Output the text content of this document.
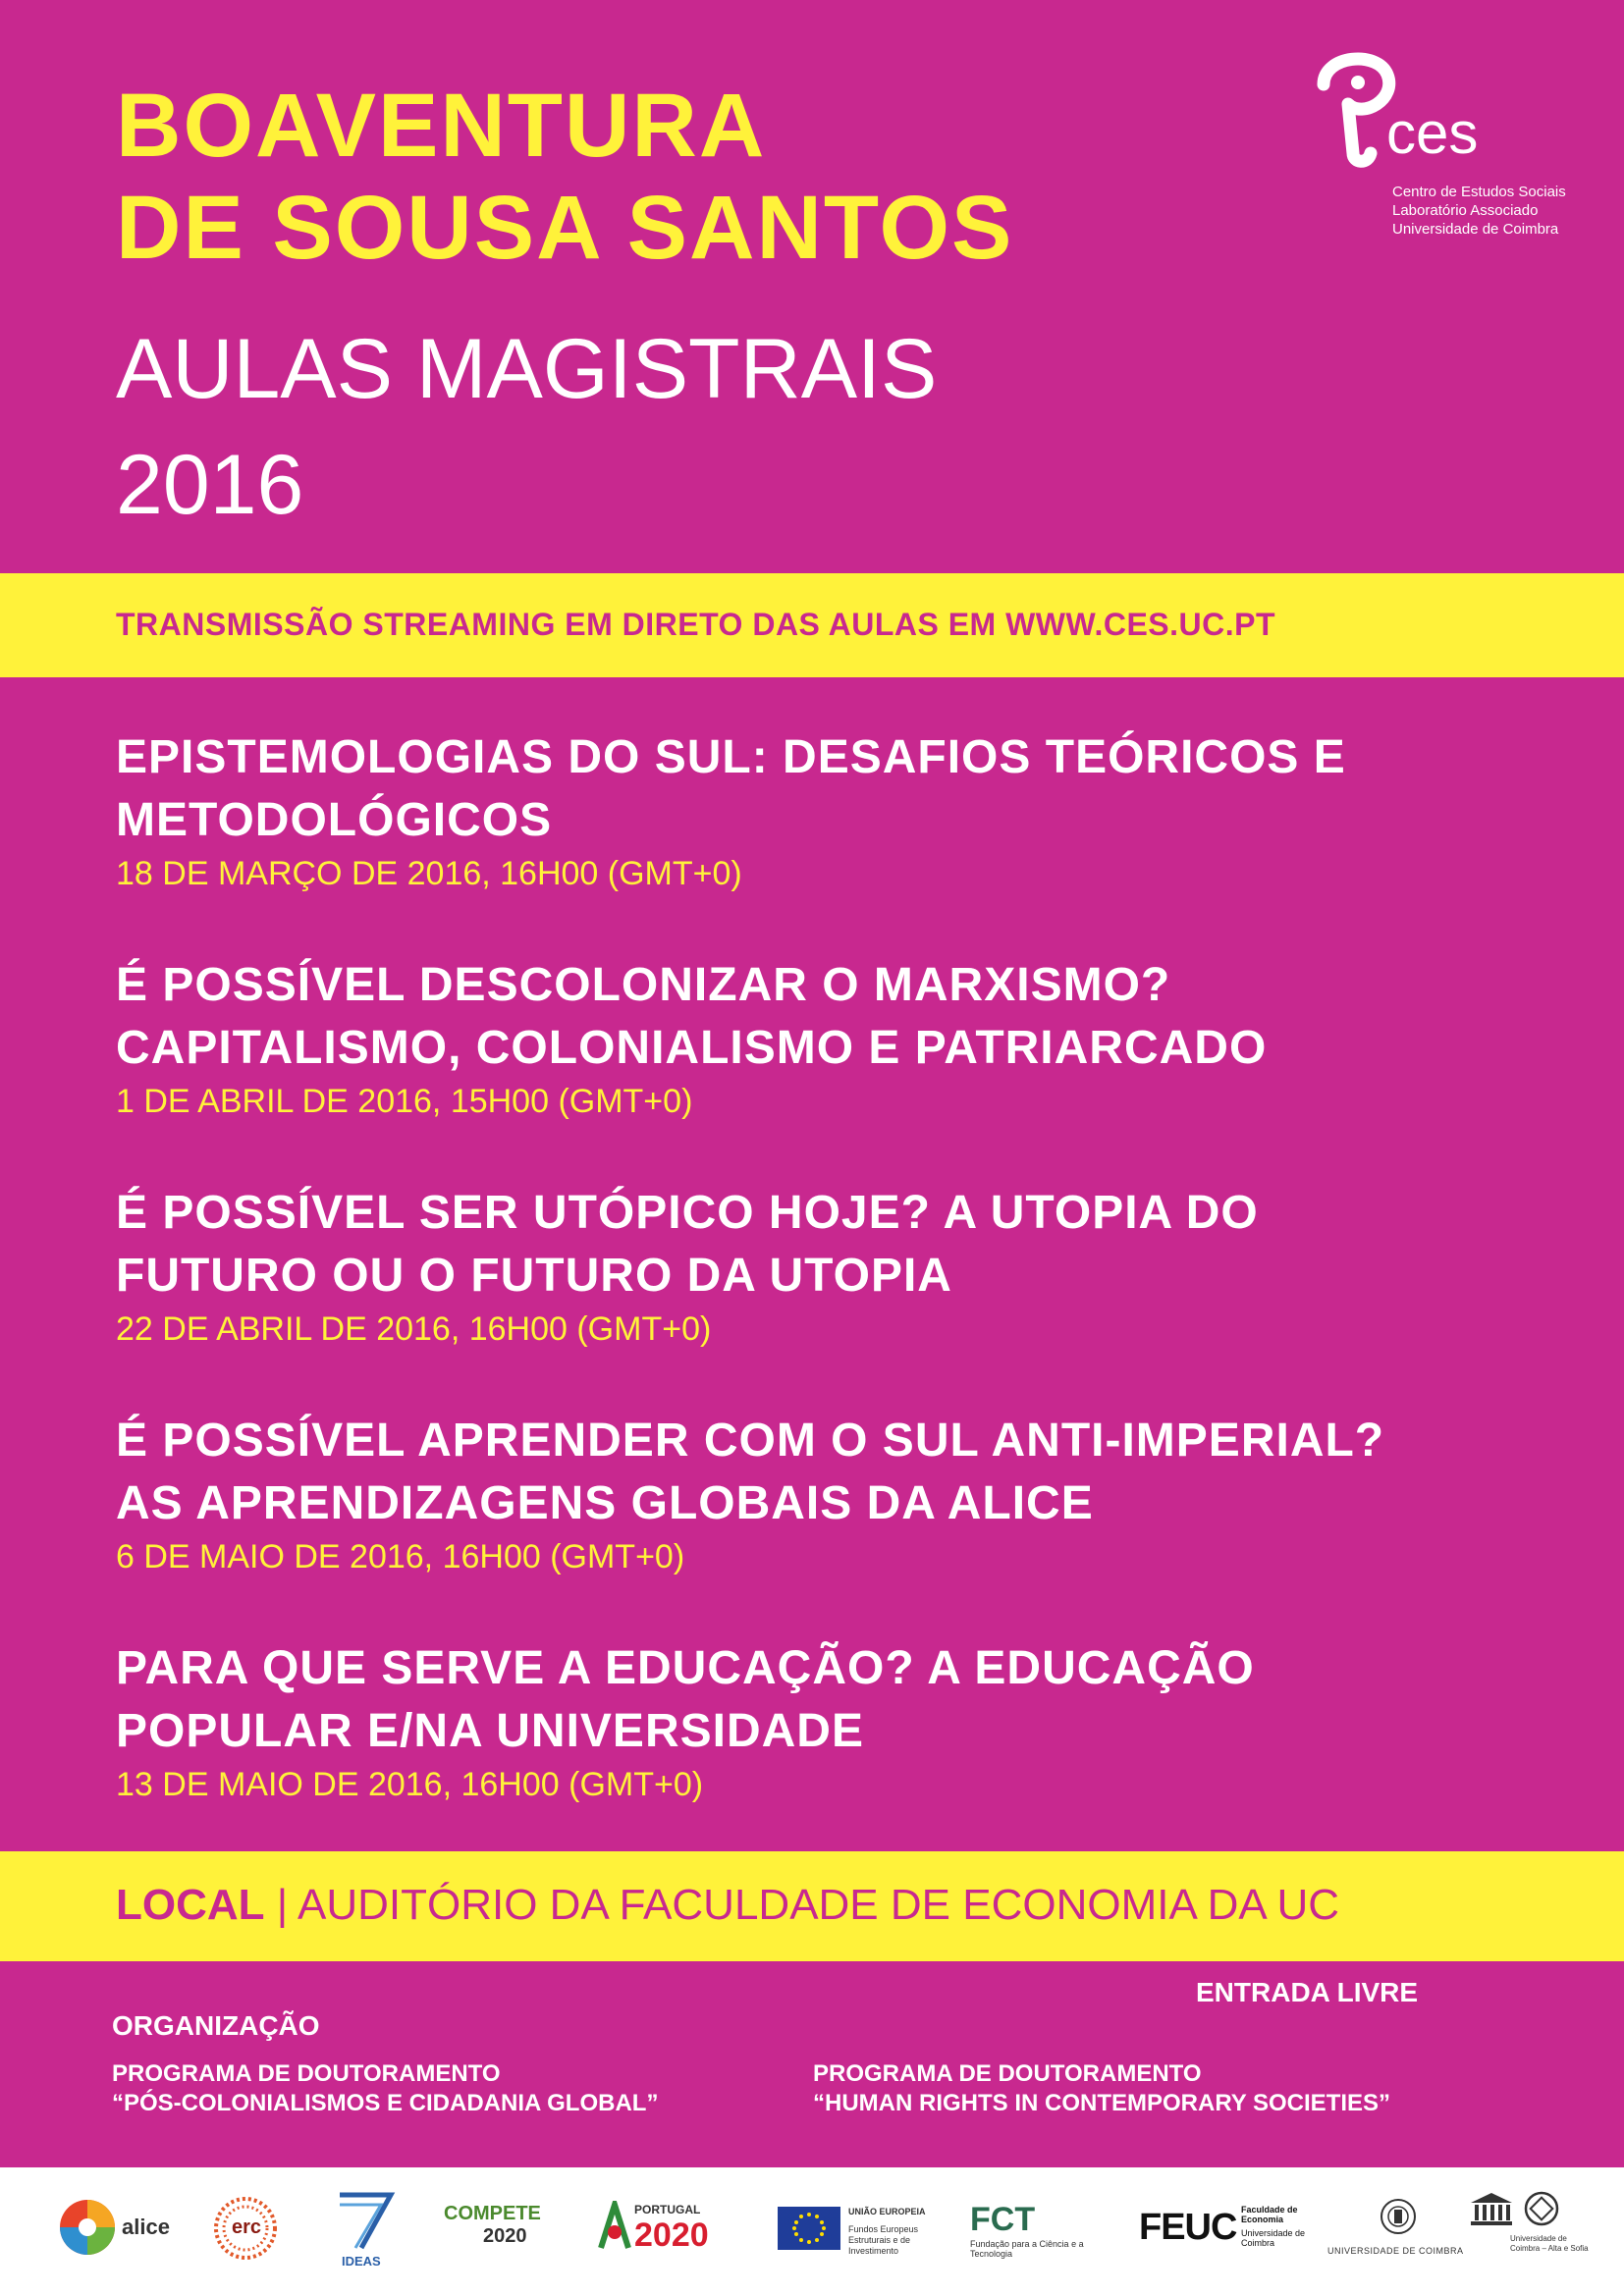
BOAVENTURA
DE SOUSA SANTOS
AULAS MAGISTRAIS
2016
ces
Centro de Estudos Sociais
Laboratório Associado
Universidade de Coimbra
TRANSMISSÃO STREAMING EM DIRETO DAS AULAS EM WWW.CES.UC.PT

EPISTEMOLOGIAS DO SUL: DESAFIOS TEÓRICOS E

METODOLÓGICOS

18 DE MARÇO DE 2016, 16H00 (GMT+0)

É POSSÍVEL DESCOLONIZAR O MARXISMO?

CAPITALISMO, COLONIALISMO E PATRIARCADO

1 DE ABRIL DE 2016, 15H00 (GMT+0)

É POSSÍVEL SER UTÓPICO HOJE? A UTOPIA DO

FUTURO OU O FUTURO DA UTOPIA

22 DE ABRIL DE 2016, 16H00 (GMT+0)

É POSSÍVEL APRENDER COM O SUL ANTI-IMPERIAL?

AS APRENDIZAGENS GLOBAIS DA ALICE

6 DE MAIO DE 2016, 16H00 (GMT+0)

PARA QUE SERVE A EDUCAÇÃO? A EDUCAÇÃO

POPULAR E/NA UNIVERSIDADE

13 DE MAIO DE 2016, 16H00 (GMT+0)

LOCAL | AUDITÓRIO DA FACULDADE DE ECONOMIA DA UC
ENTRADA LIVRE
ORGANIZAÇÃO
PROGRAMA DE DOUTORAMENTO
“PÓS-COLONIALISMOS E CIDADANIA GLOBAL”
PROGRAMA DE DOUTORAMENTO
“HUMAN RIGHTS IN CONTEMPORARY SOCIETIES”
alice	erc
IDEAS
COMPETE
2020
PORTUGAL
2020
UNIÃO EUROPEIA
Fundos Europeus Estruturais e de Investimento
FCT
Fundação para a Ciência e a Tecnologia
FEUC Faculdade de Economia
Universidade de Coimbra
UNIVERSIDADE DE COIMBRA
Universidade de Coimbra – Alta e Sofia
